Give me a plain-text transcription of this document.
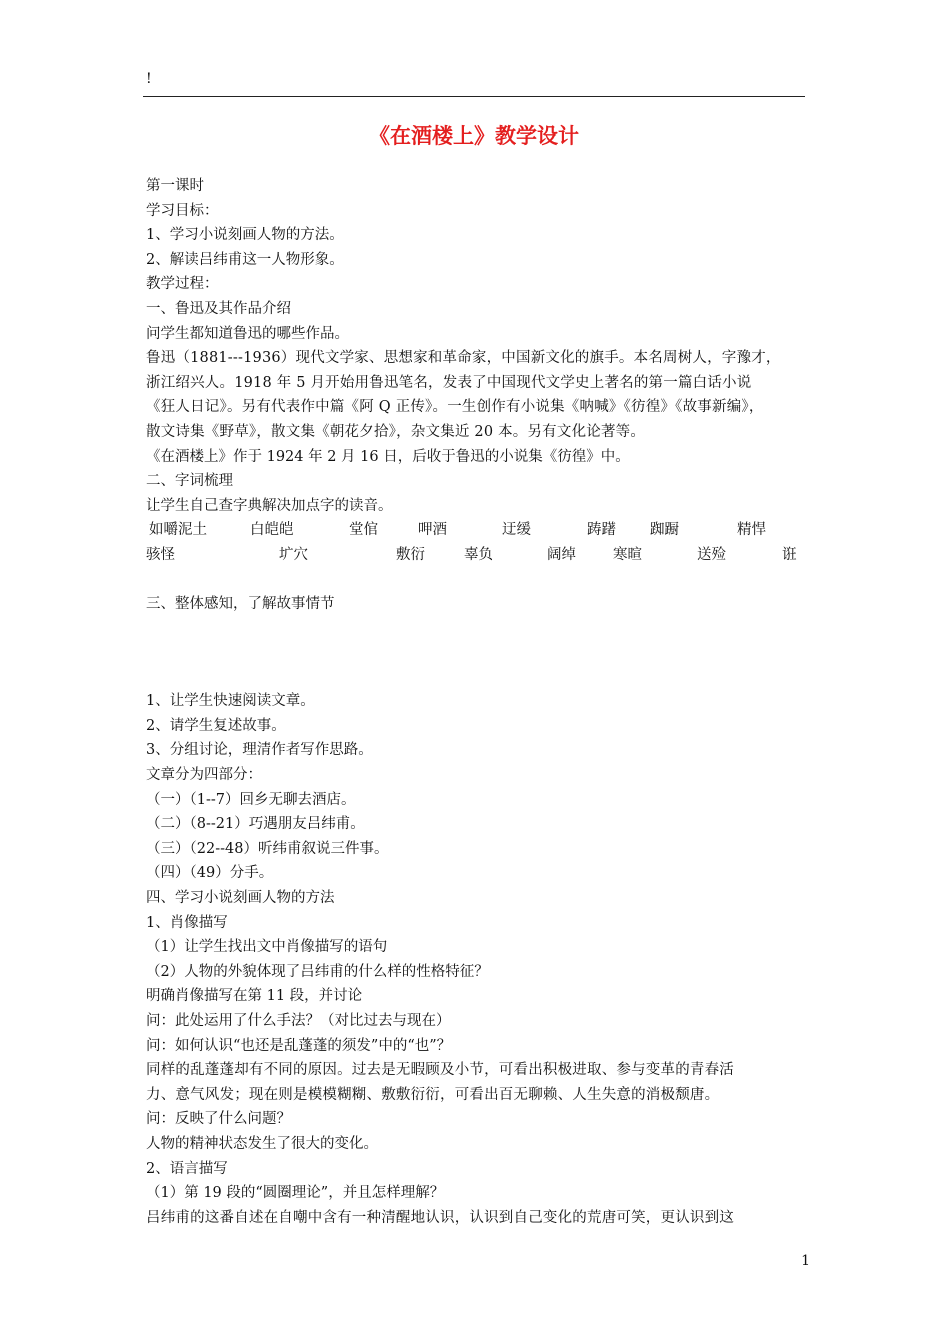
!
《在酒楼上》教学设计
第一课时
学习目标：
1、学习小说刻画人物的方法。
2、解读吕纬甫这一人物形象。
教学过程：
一、鲁迅及其作品介绍
问学生都知道鲁迅的哪些作品。
鲁迅（1881---1936）现代文学家、思想家和革命家，中国新文化的旗手。本名周树人，字豫才，
浙江绍兴人。1918 年 5 月开始用鲁迅笔名，发表了中国现代文学史上著名的第一篇白话小说
《狂人日记》。另有代表作中篇《阿 Q 正传》。一生创作有小说集《呐喊》《彷徨》《故事新编》，
散文诗集《野草》，散文集《朝花夕拾》，杂文集近 20 本。另有文化论著等。
《在酒楼上》作于 1924 年 2 月 16 日，后收于鲁迅的小说集《彷徨》中。
二、字词梳理
让学生自己查字典解决加点字的读音。
如嚼泥土	白皑皑	堂倌	呷酒	迂缓	踌躇 踟蹰	精悍
骇怪	圹穴	敷衍	辜负	阔绰	寒暄	送殓	诳
三、整体感知，了解故事情节
1、让学生快速阅读文章。
2、请学生复述故事。
3、分组讨论，理清作者写作思路。
文章分为四部分：
（一）（1--7）回乡无聊去酒店。
（二）（8--21）巧遇朋友吕纬甫。
（三）（22--48）听纬甫叙说三件事。
（四）（49）分手。
四、学习小说刻画人物的方法
1、肖像描写
（1）让学生找出文中肖像描写的语句
（2）人物的外貌体现了吕纬甫的什么样的性格特征？
明确肖像描写在第 11 段，并讨论
问：此处运用了什么手法？（对比过去与现在）
问：如何认识“也还是乱蓬蓬的须发”中的“也”？
同样的乱蓬蓬却有不同的原因。过去是无暇顾及小节，可看出积极进取、参与变革的青春活
力、意气风发；现在则是模模糊糊、敷敷衍衍，可看出百无聊赖、人生失意的消极颓唐。
问：反映了什么问题？
人物的精神状态发生了很大的变化。
2、语言描写
（1）第 19 段的“圆圈理论”，并且怎样理解？
吕纬甫的这番自述在自嘲中含有一种清醒地认识，认识到自己变化的荒唐可笑，更认识到这
1
